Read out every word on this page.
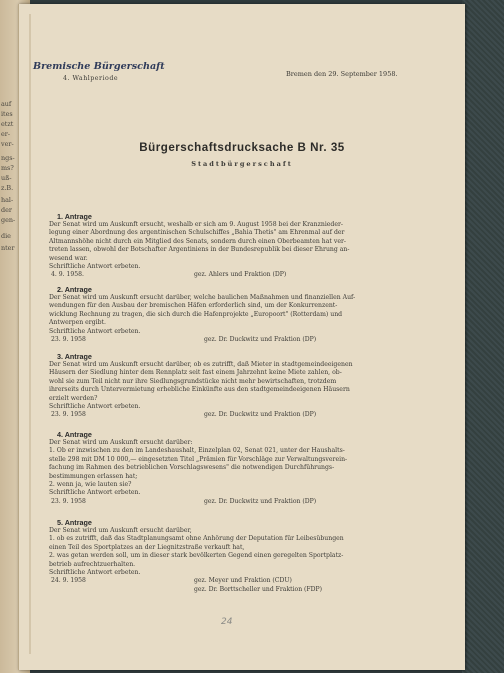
auf
ites
etzt
er-
ver-
ngs-
ms?
uß-
z.B.
hal-
der
gen-
die
nter
Bremische Bürgerschaft
4. Wahlperiode
Bremen den 29. September 1958.
Bürgerschaftsdrucksache B Nr. 35
Stadtbürgerschaft
1. Antrage
Der Senat wird um Auskunft ersucht, weshalb er sich am 9. August 1958 bei der Kranznieder-
legung einer Abordnung des argentinischen Schulschiffes „Bahia Thetis" am Ehrenmal auf der
Altmannshöhe nicht durch ein Mitglied des Senats, sondern durch einen Oberbeamten hat ver-
treten lassen, obwohl der Botschafter Argentiniens in der Bundesrepublik bei dieser Ehrung an-
wesend war.
Schriftliche Antwort erbeten.
4. 9. 1958.	gez. Ahlers und Fraktion (DP)
2. Antrage
Der Senat wird um Auskunft ersucht darüber, welche baulichen Maßnahmen und finanziellen Auf-
wendungen für den Ausbau der bremischen Häfen erforderlich sind, um der Konkurrenzent-
wicklung Rechnung zu tragen, die sich durch die Hafenprojekte „Europoort" (Rotterdam) und
Antwerpen ergibt.
Schriftliche Antwort erbeten.
23. 9. 1958	gez. Dr. Duckwitz und Fraktion (DP)
3. Antrage
Der Senat wird um Auskunft ersucht darüber, ob es zutrifft, daß Mieter in stadtgemeindeeigenen
Häusern der Siedlung hinter dem Rennplatz seit fast einem Jahrzehnt keine Miete zahlen, ob-
wohl sie zum Teil nicht nur ihre Siedlungsgrundstücke nicht mehr bewirtschaften, trotzdem
ihrerseits durch Untervermietung erhebliche Einkünfte aus den stadtgemeindeeigenen Häusern
erzielt werden?
Schriftliche Antwort erbeten.
23. 9. 1958	gez. Dr. Duckwitz und Fraktion (DP)
4. Antrage
Der Senat wird um Auskunft ersucht darüber:
1. Ob er inzwischen zu den im Landeshaushalt, Einzelplan 02, Senat 021, unter der Haushalts-
stelle 298 mit DM 10 000,— eingesetzten Titel „Prämien für Vorschläge zur Verwaltungsverein-
fachung im Rahmen des betrieblichen Vorschlagswesens" die notwendigen Durchführungs-
bestimmungen erlassen hat;
2. wenn ja, wie lauten sie?
Schriftliche Antwort erbeten.
23. 9. 1958	gez. Dr. Duckwitz und Fraktion (DP)
5. Antrage
Der Senat wird um Auskunft ersucht darüber,
1. ob es zutrifft, daß das Stadtplanungsamt ohne Anhörung der Deputation für Leibesübungen
einen Teil des Sportplatzes an der Liegnitzstraße verkauft hat,
2. was getan werden soll, um in dieser stark bevölkerten Gegend einen geregelten Sportplatz-
betrieb aufrechtzuerhalten.
Schriftliche Antwort erbeten.
24. 9. 1958	gez. Meyer und Fraktion (CDU)
gez. Dr. Borttscheller und Fraktion (FDP)
24
